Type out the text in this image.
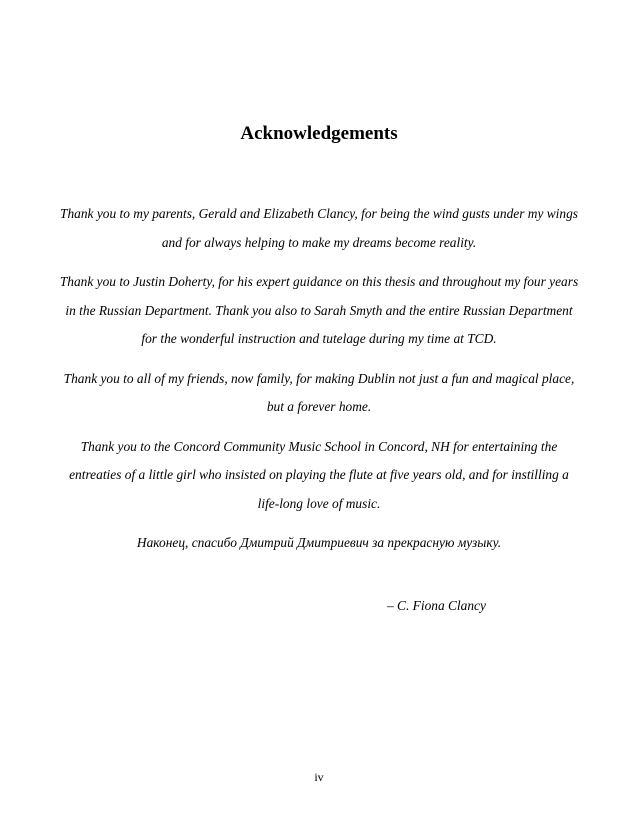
Acknowledgements

Thank you to my parents, Gerald and Elizabeth Clancy, for being the wind gusts under my wings and for always helping to make my dreams become reality.

Thank you to Justin Doherty, for his expert guidance on this thesis and throughout my four years in the Russian Department. Thank you also to Sarah Smyth and the entire Russian Department for the wonderful instruction and tutelage during my time at TCD.

Thank you to all of my friends, now family, for making Dublin not just a fun and magical place, but a forever home.

Thank you to the Concord Community Music School in Concord, NH for entertaining the entreaties of a little girl who insisted on playing the flute at five years old, and for instilling a life-long love of music.

Наконец, спасибо Дмитрий Дмитриевич за прекрасную музыку.

– C. Fiona Clancy
iv
